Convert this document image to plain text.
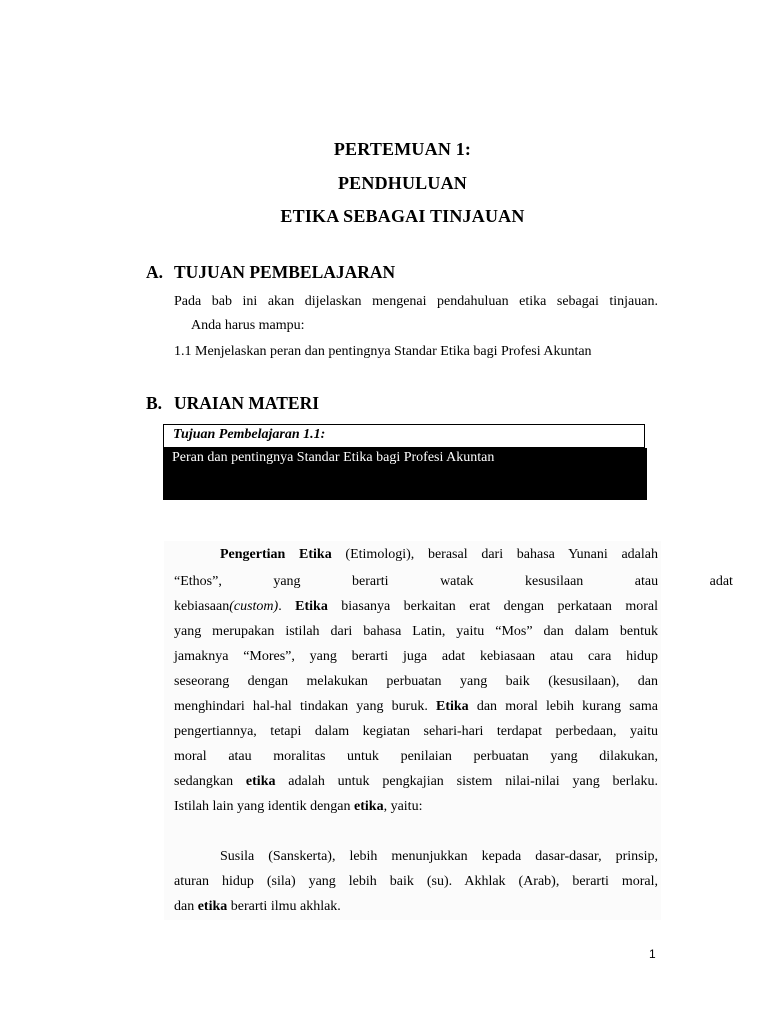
PERTEMUAN 1:
PENDHULUAN
ETIKA SEBAGAI TINJAUAN
A. TUJUAN PEMBELAJARAN
Pada bab ini akan dijelaskan mengenai pendahuluan etika sebagai tinjauan.
Anda harus mampu:
1.1 Menjelaskan peran dan pentingnya Standar Etika bagi Profesi Akuntan
B. URAIAN MATERI
Tujuan Pembelajaran 1.1:
Peran dan pentingnya Standar Etika bagi Profesi Akuntan
Pengertian Etika (Etimologi), berasal dari bahasa Yunani adalah
“Ethos”, yang berarti watak kesusilaan atau adat
kebiasaan(custom). Etika biasanya berkaitan erat dengan perkataan moral
yang merupakan istilah dari bahasa Latin, yaitu “Mos” dan dalam bentuk
jamaknya “Mores”, yang berarti juga adat kebiasaan atau cara hidup
seseorang dengan melakukan perbuatan yang baik (kesusilaan), dan
menghindari hal-hal tindakan yang buruk. Etika dan moral lebih kurang sama
pengertiannya, tetapi dalam kegiatan sehari-hari terdapat perbedaan, yaitu
moral atau moralitas untuk penilaian perbuatan yang dilakukan,
sedangkan etika adalah untuk pengkajian sistem nilai-nilai yang berlaku.
Istilah lain yang identik dengan etika, yaitu:
Susila (Sanskerta), lebih menunjukkan kepada dasar-dasar, prinsip,
aturan hidup (sila) yang lebih baik (su). Akhlak (Arab), berarti moral,
dan etika berarti ilmu akhlak.
1
